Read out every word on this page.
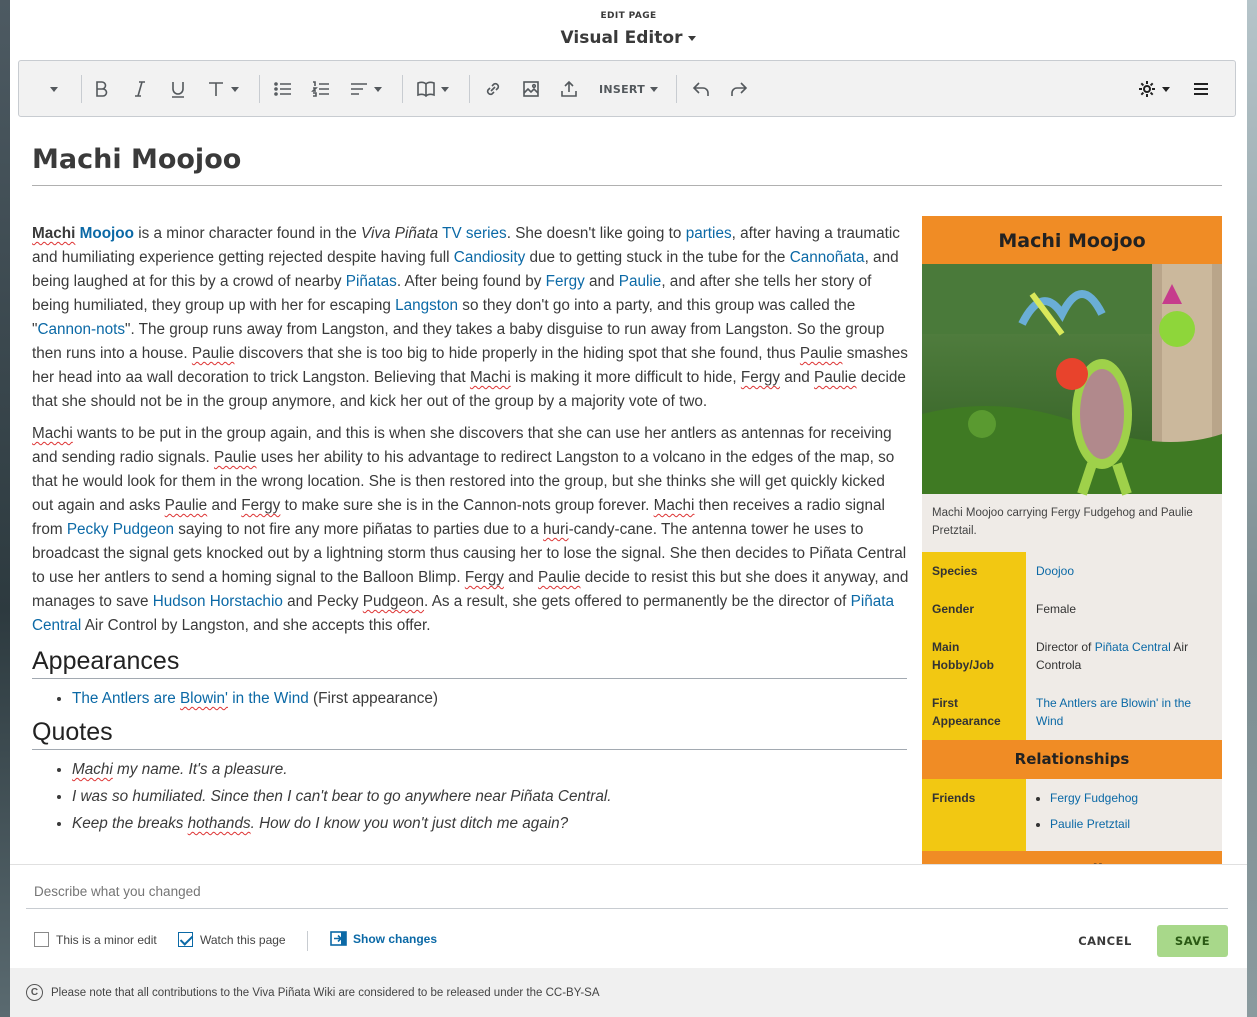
EDIT PAGE
Visual Editor
INSERT
Machi Moojoo

Machi Moojoo is a minor character found in the Viva Piñata TV series. She doesn't like going to parties, after having a traumatic and humiliating experience getting rejected despite having full Candiosity due to getting stuck in the tube for the Cannoñata, and being laughed at for this by a crowd of nearby Piñatas. After being found by Fergy and Paulie, and after she tells her story of being humiliated, they group up with her for escaping Langston so they don't go into a party, and this group was called the "Cannon-nots". The group runs away from Langston, and they takes a baby disguise to run away from Langston. So the group then runs into a house. Paulie discovers that she is too big to hide properly in the hiding spot that she found, thus Paulie smashes her head into aa wall decoration to trick Langston. Believing that Machi is making it more difficult to hide, Fergy and Paulie decide that she should not be in the group anymore, and kick her out of the group by a majority vote of two.

Machi wants to be put in the group again, and this is when she discovers that she can use her antlers as antennas for receiving and sending radio signals. Paulie uses her ability to his advantage to redirect Langston to a volcano in the edges of the map, so that he would look for them in the wrong location. She is then restored into the group, but she thinks she will get quickly kicked out again and asks Paulie and Fergy to make sure she is in the Cannon-nots group forever. Machi then receives a radio signal from Pecky Pudgeon saying to not fire any more piñatas to parties due to a huri-candy-cane. The antenna tower he uses to broadcast the signal gets knocked out by a lightning storm thus causing her to lose the signal. She then decides to Piñata Central to use her antlers to send a homing signal to the Balloon Blimp. Fergy and Paulie decide to resist this but she does it anyway, and manages to save Hudson Horstachio and Pecky Pudgeon. As a result, she gets offered to permanently be the director of Piñata Central Air Control by Langston, and she accepts this offer.

Appearances
• The Antlers are Blowin' in the Wind (First appearance)
Quotes
• Machi my name. It's a pleasure.
• I was so humiliated. Since then I can't bear to go anywhere near Piñata Central.
• Keep the breaks hothands. How do I know you won't just ditch me again?
Machi Moojoo
Machi Moojoo carrying Fergy Fudgehog and Paulie Pretztail.
Species	Doojoo
Gender	Female
Main Hobby/Job
Director of Piñata Central Air Controla
First Appearance
The Antlers are Blowin' in the Wind
Relationships
Friends
•	Fergy Fudgehog
• Paulie Pretztail
Describe what you changed
This is a minor edit	Watch this page	Show changes	CANCEL	SAVE
C	Please note that all contributions to the Viva Piñata Wiki are considered to be released under the CC-BY-SA
